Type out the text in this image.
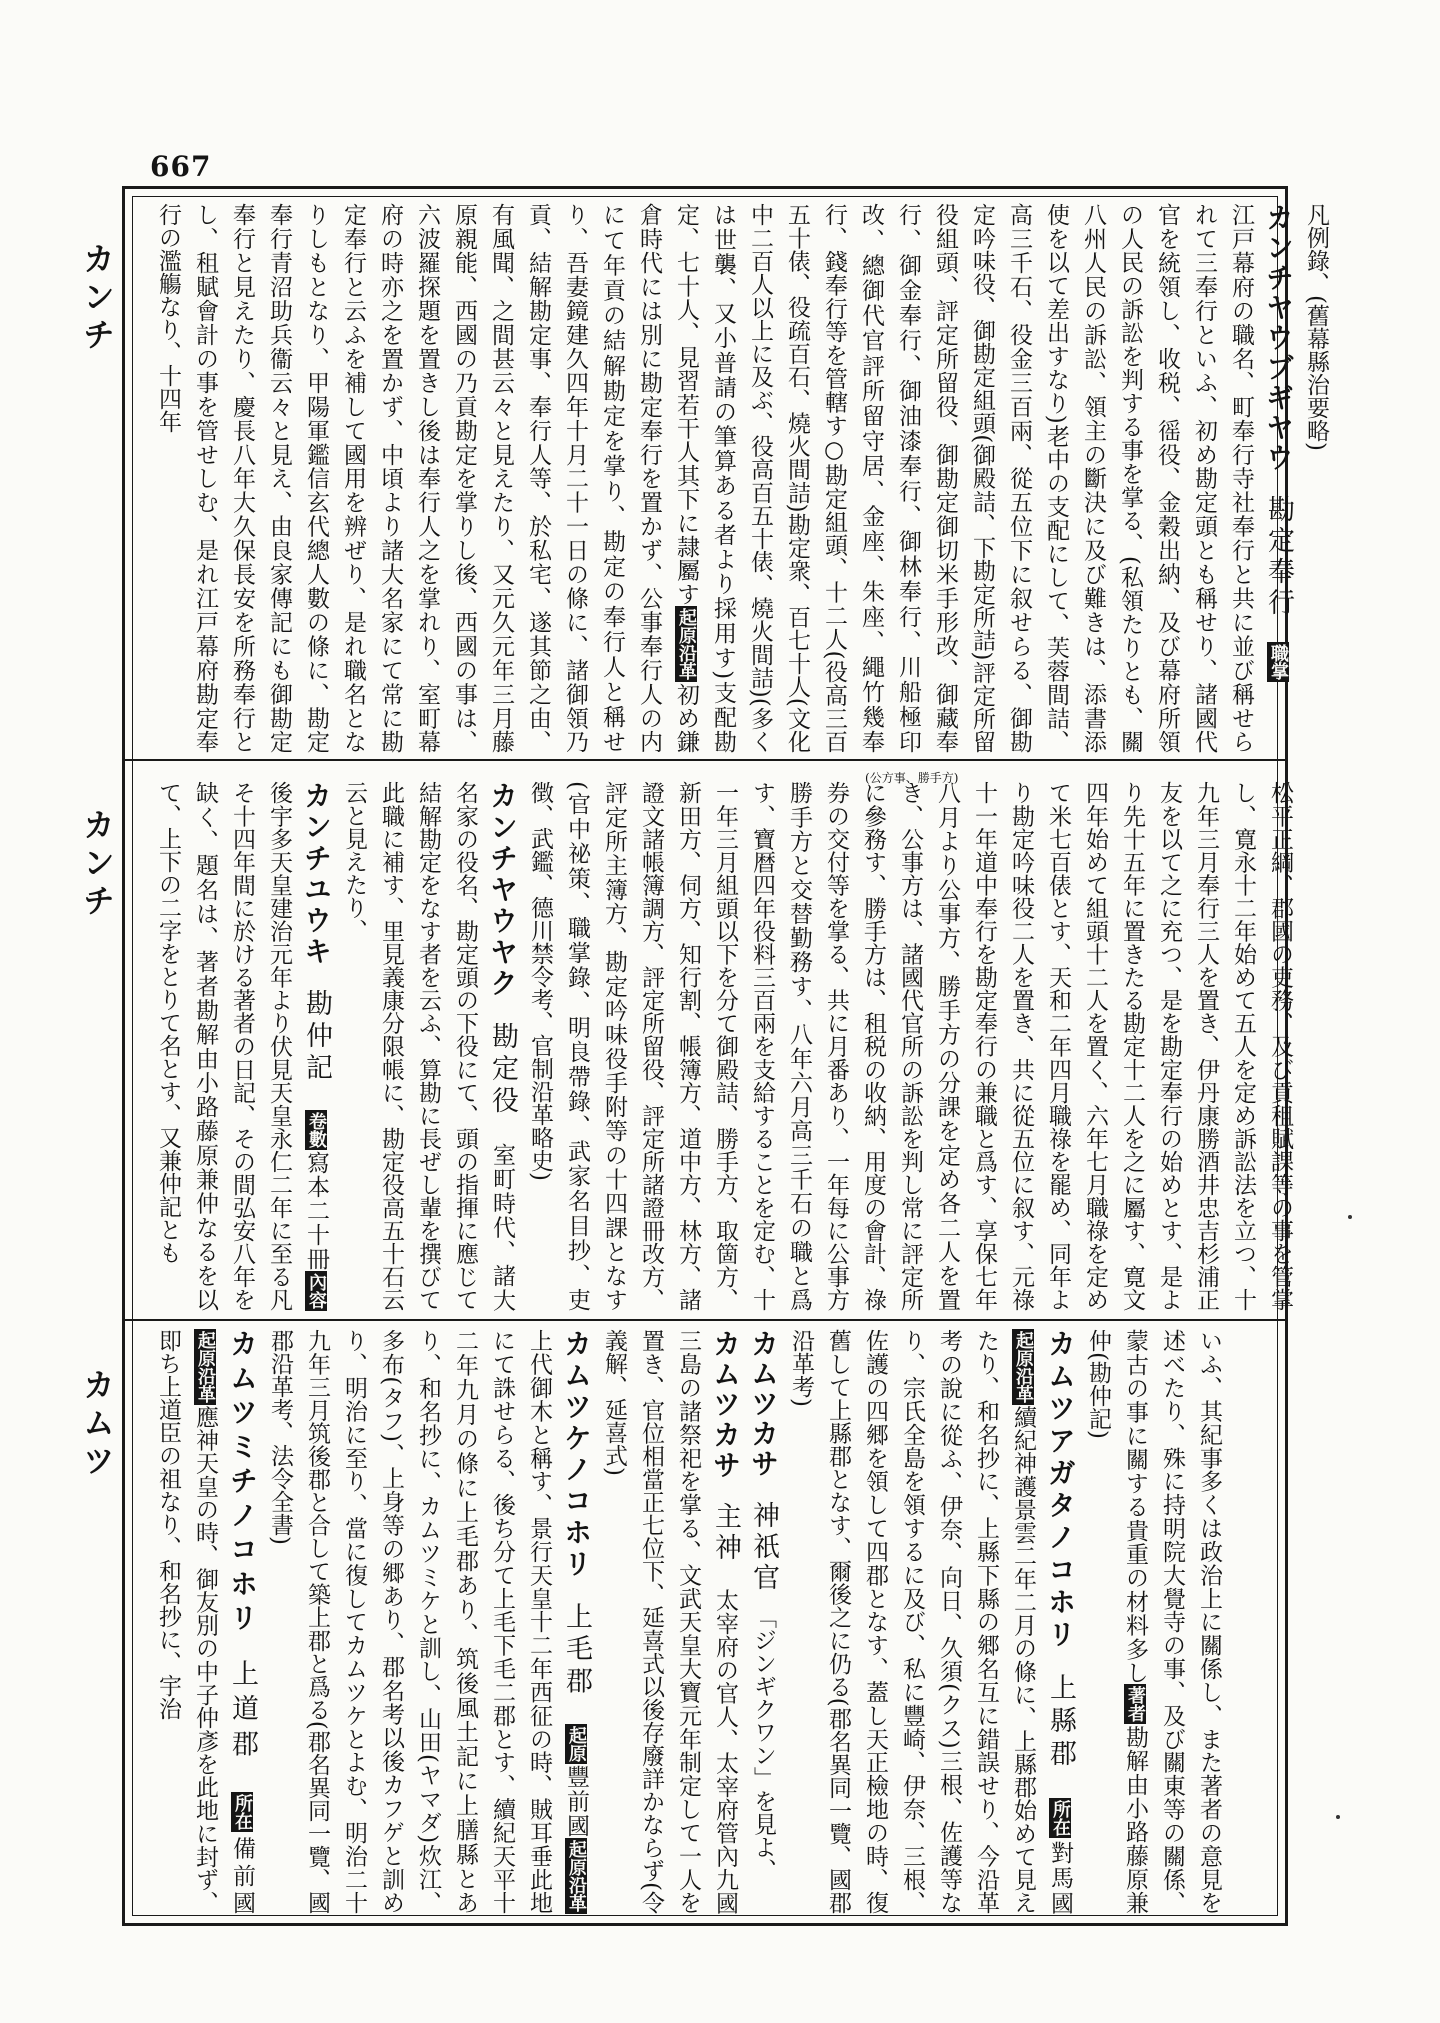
667
カンチ
カンチ
カムツ
(公方事、勝手方)

凡例錄、(舊幕縣治要略)

カンチヤウブギヤウ勘定奉行　職掌

江戸幕府の職名、町奉行寺社奉行と共に並び稱せられて三奉行といふ、初め勘定頭とも稱せり、諸國代官を統領し、收税、徭役、金穀出納、及び幕府所領の人民の訴訟を判する事を掌る、(私領たりとも、關八州人民の訴訟、領主の斷決に及び難きは、添書添使を以て差出すなり)老中の支配にして、芙蓉間詰、高三千石、役金三百兩、從五位下に叙せらる、御勘定吟味役、御勘定組頭(御殿詰、下勘定所詰)評定所留役組頭、評定所留役、御勘定御切米手形改、御藏奉行、御金奉行、御油漆奉行、御林奉行、川船極印改、總御代官評所留守居、金座、朱座、繩竹幾奉行、錢奉行等を管轄す○勘定組頭、十二人(役高三百五十俵、役疏百石、燒火間詰)勘定衆、百七十人(文化中二百人以上に及ぶ、役高百五十俵、燒火間詰)(多くは世襲、又小普請の筆算ある者より採用す)支配勘定、七十人、見習若干人其下に隷屬す起原沿革初め鎌倉時代には別に勘定奉行を置かず、公事奉行人の内にて年貢の結解勘定を掌り、勘定の奉行人と稱せり、吾妻鏡建久四年十月二十一日の條に、諸御領乃貢、結解勘定事、奉行人等、於私宅、遂其節之由、有風聞、之間甚云々と見えたり、又元久元年三月藤原親能、西國の乃貢勘定を掌りし後、西國の事は、六波羅探題を置きし後は奉行人之を掌れり、室町幕府の時亦之を置かず、中頃より諸大名家にて常に勘定奉行と云ふを補して國用を辨ぜり、是れ職名となりしもとなり、甲陽軍鑑信玄代總人數の條に、勘定奉行青沼助兵衞云々と見え、由良家傳記にも御勘定奉行と見えたり、慶長八年大久保長安を所務奉行とし、租賦會計の事を管せしむ、是れ江戸幕府勘定奉行の濫觴なり、十四年

松平正綱、郡國の吏務、及び貢租賦課等の事を管掌し、寛永十二年始めて五人を定め訴訟法を立つ、十九年三月奉行三人を置き、伊丹康勝酒井忠吉杉浦正友を以て之に充つ、是を勘定奉行の始めとす、是より先十五年に置きたる勘定十二人を之に屬す、寛文四年始めて組頭十二人を置く、六年七月職祿を定めて米七百俵とす、天和二年四月職祿を罷め、同年より勘定吟味役二人を置き、共に從五位に叙す、元祿十一年道中奉行を勘定奉行の兼職と爲す、享保七年八月より公事方、勝手方の分課を定め各二人を置き、公事方は、諸國代官所の訴訟を判し常に評定所に參務す、勝手方は、租税の收納、用度の會計、祿券の交付等を掌る、共に月番あり、一年每に公事方勝手方と交替勤務す、八年六月高三千石の職と爲す、寶暦四年役料三百兩を支給することを定む、十一年三月組頭以下を分て御殿詰、勝手方、取箇方、新田方、伺方、知行割、帳簿方、道中方、林方、諸證文諸帳簿調方、評定所留役、評定所諸證冊改方、評定所主簿方、勘定吟味役手附等の十四課となす(官中祕策、職掌錄、明良帶錄、武家名目抄、吏徴、武鑑、德川禁令考、官制沿革略史)

カンチヤウヤク勘定役　室町時代、諸大名家の役名、勘定頭の下役にて、頭の指揮に應じて結解勘定をなす者を云ふ、算勘に長ぜし輩を撰びて此職に補す、里見義康分限帳に、勘定役高五十石云云と見えたり、

カンチユウキ勘仲記　卷數寫本二十冊內容後宇多天皇建治元年より伏見天皇永仁二年に至る凡そ十四年間に於ける著者の日記、その間弘安八年を缺く、題名は、著者勘解由小路藤原兼仲なるを以て、上下の二字をとりて名とす、又兼仲記とも

いふ、其紀事多くは政治上に關係し、また著者の意見を述べたり、殊に持明院大覺寺の事、及び關東等の關係、蒙古の事に關する貴重の材料多し著者勘解由小路藤原兼仲(勘仲記)

カムツアガタノコホリ上縣郡　所在對馬國起原沿革續紀神護景雲二年二月の條に、上縣郡始めて見えたり、和名抄に、上縣下縣の郷名互に錯誤せり、今沿革考の說に從ふ、伊奈、向日、久須(クス)三根、佐護等なり、宗氏全島を領するに及び、私に豐崎、伊奈、三根、佐護の四郷を領して四郡となす、蓋し天正檢地の時、復舊して上縣郡となす、爾後之に仍る(郡名異同一覽、國郡沿革考)

カムツカサ神祇官　「ジンギクワン」を見よ、

カムツカサ主神　太宰府の官人、太宰府管內九國三島の諸祭祀を掌る、文武天皇大寶元年制定して一人を置き、官位相當正七位下、延喜式以後存廢詳かならず(令義解、延喜式)

カムツケノコホリ上毛郡　起原豐前國起原沿革上代御木と稱す、景行天皇十二年西征の時、賊耳垂此地にて誅せらる、後ち分て上毛下毛二郡とす、續紀天平十二年九月の條に上毛郡あり、筑後風土記に上膳縣とあり、和名抄に、カムツミケと訓し、山田(ヤマダ)炊江、多布(タフ)、上身等の郷あり、郡名考以後カフゲと訓めり、明治に至り、當に復してカムツケとよむ、明治二十九年三月筑後郡と合して築上郡と爲る(郡名異同一覽、國郡沿革考、法令全書)

カムツミチノコホリ上道郡　所在備前國起原沿革應神天皇の時、御友別の中子仲彥を此地に封ず、即ち上道臣の祖なり、和名抄に、宇治
